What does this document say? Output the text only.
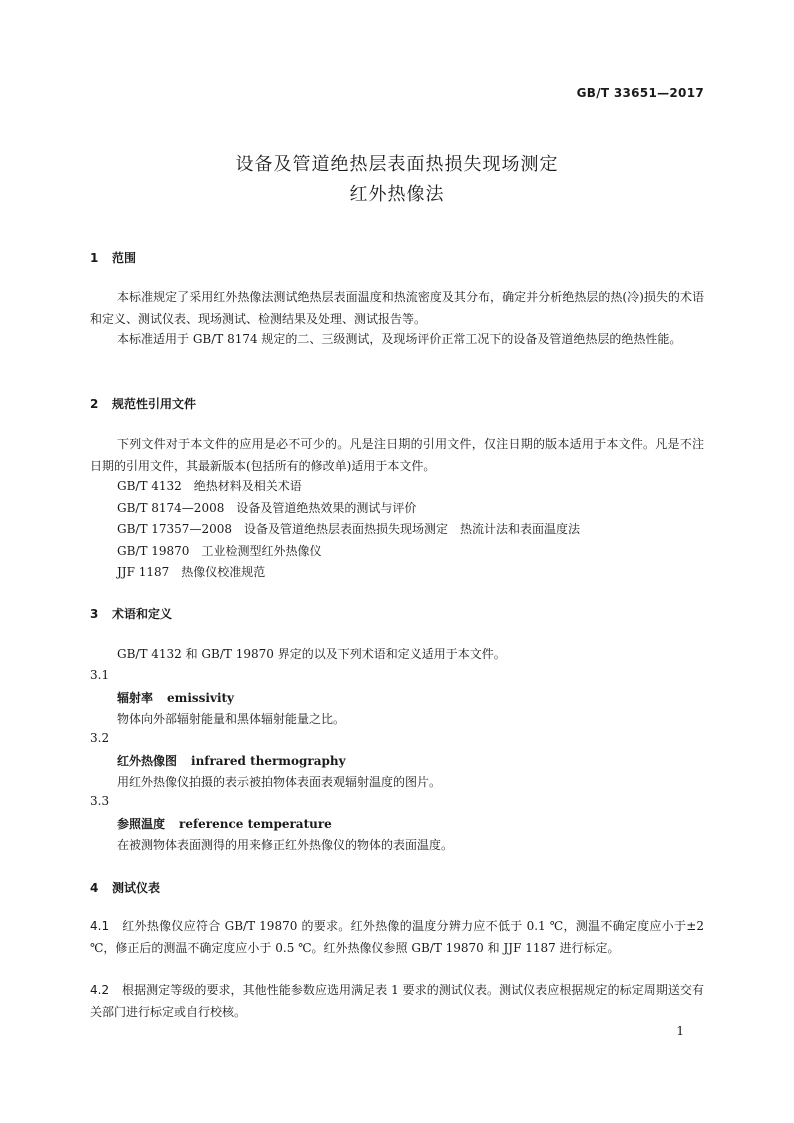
GB/T 33651—2017
设备及管道绝热层表面热损失现场测定
红外热像法
1 范围
本标准规定了采用红外热像法测试绝热层表面温度和热流密度及其分布，确定并分析绝热层的热(冷)损失的术语和定义、测试仪表、现场测试、检测结果及处理、测试报告等。
本标准适用于 GB/T 8174 规定的二、三级测试，及现场评价正常工况下的设备及管道绝热层的绝热性能。
2 规范性引用文件
下列文件对于本文件的应用是必不可少的。凡是注日期的引用文件，仅注日期的版本适用于本文件。凡是不注日期的引用文件，其最新版本(包括所有的修改单)适用于本文件。
GB/T 4132　绝热材料及相关术语
GB/T 8174—2008　设备及管道绝热效果的测试与评价
GB/T 17357—2008　设备及管道绝热层表面热损失现场测定　热流计法和表面温度法
GB/T 19870　工业检测型红外热像仪
JJF 1187　热像仪校准规范
3 术语和定义
GB/T 4132 和 GB/T 19870 界定的以及下列术语和定义适用于本文件。
3.1
辐射率 emissivity
物体向外部辐射能量和黑体辐射能量之比。
3.2
红外热像图 infrared thermography
用红外热像仪拍摄的表示被拍物体表面表观辐射温度的图片。
3.3
参照温度 reference temperature
在被测物体表面测得的用来修正红外热像仪的物体的表面温度。
4 测试仪表
4.1 红外热像仪应符合 GB/T 19870 的要求。红外热像的温度分辨力应不低于 0.1 ℃，测温不确定度应小于±2 ℃，修正后的测温不确定度应小于 0.5 ℃。红外热像仪参照 GB/T 19870 和 JJF 1187 进行标定。
4.2 根据测定等级的要求，其他性能参数应选用满足表 1 要求的测试仪表。测试仪表应根据规定的标定周期送交有关部门进行标定或自行校核。
1
